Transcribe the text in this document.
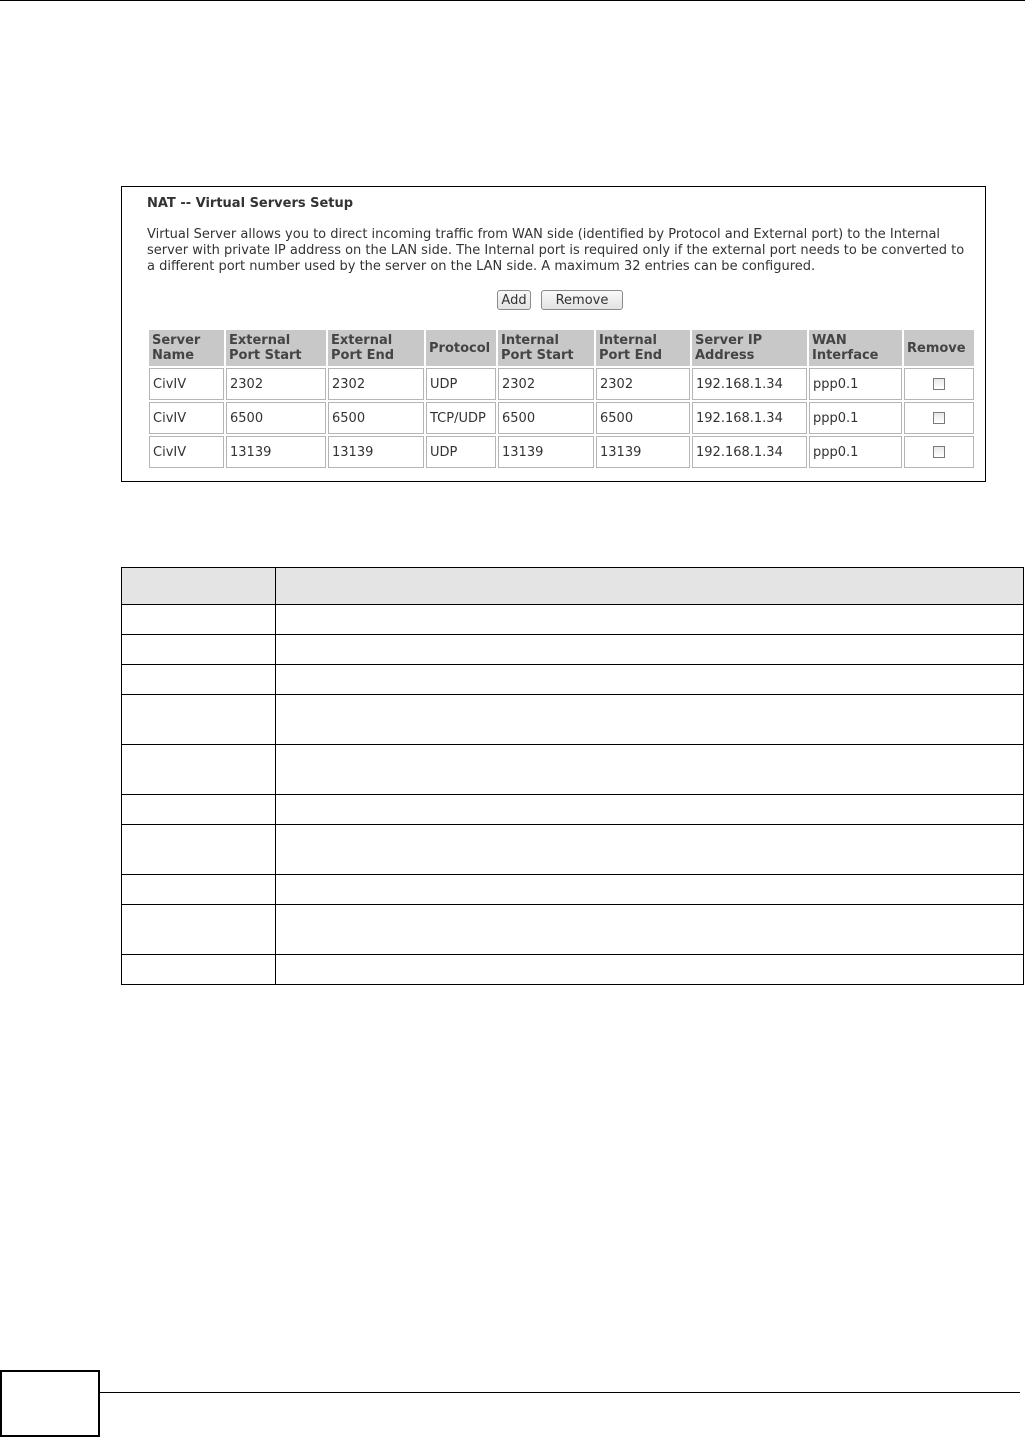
NAT -- Virtual Servers Setup
Virtual Server allows you to direct incoming traffic from WAN side (identified by Protocol and External port) to the Internal server with private IP address on the LAN side. The Internal port is required only if the external port needs to be converted to a different port number used by the server on the LAN side. A maximum 32 entries can be configured.
Add	Remove
Server Name	External Port Start	External Port End	Protocol	Internal Port Start	Internal Port End	Server IP Address	WAN Interface	Remove
CivIV	2302	2302	UDP	2302	2302	192.168.1.34	ppp0.1	
CivIV	6500	6500	TCP/UDP	6500	6500	192.168.1.34	ppp0.1	
CivIV	13139	13139	UDP	13139	13139	192.168.1.34	ppp0.1	
